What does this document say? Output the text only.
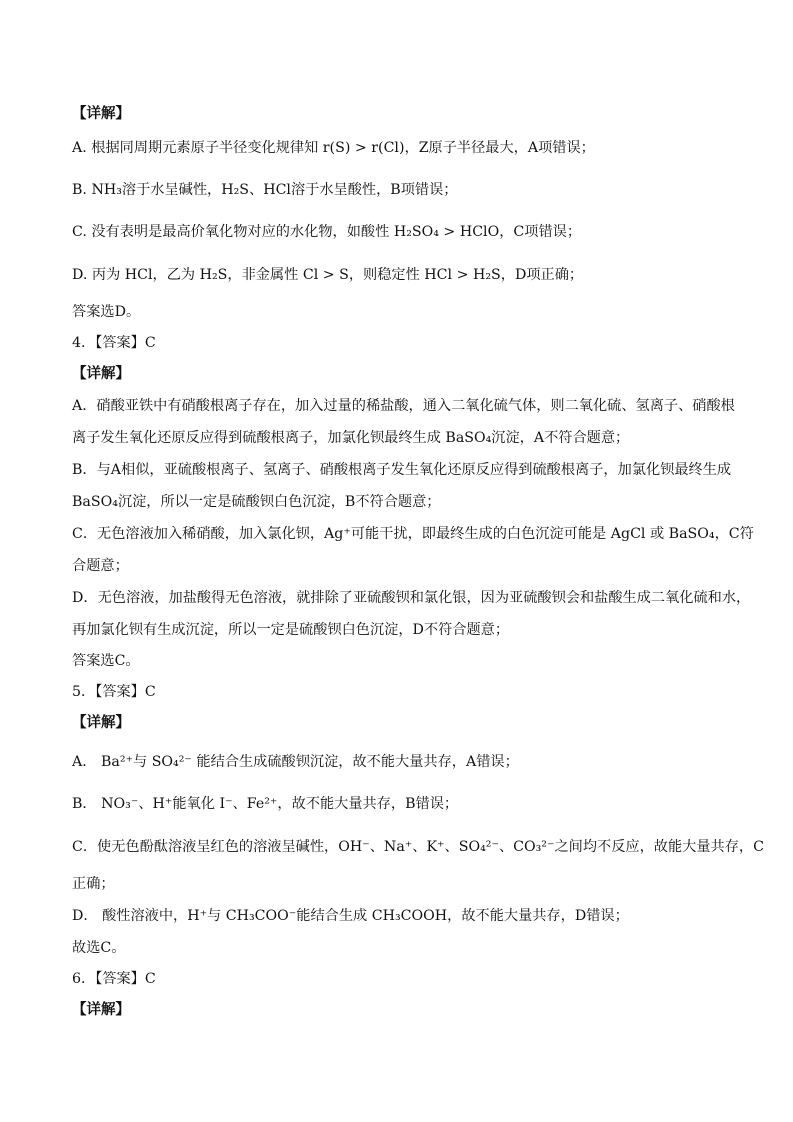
【详解】
A. 根据同周期元素原子半径变化规律知 r(S) > r(Cl)，Z原子半径最大，A项错误；
B. NH₃溶于水呈碱性，H₂S、HCl溶于水呈酸性，B项错误；
C. 没有表明是最高价氧化物对应的水化物，如酸性 H₂SO₄ > HClO，C项错误；
D. 丙为 HCl，乙为 H₂S，非金属性 Cl > S，则稳定性 HCl > H₂S，D项正确；
答案选D。
4．【答案】C
【详解】
A．硝酸亚铁中有硝酸根离子存在，加入过量的稀盐酸，通入二氧化硫气体，则二氧化硫、氢离子、硝酸根
离子发生氧化还原反应得到硫酸根离子，加氯化钡最终生成 BaSO₄沉淀，A不符合题意；
B．与A相似，亚硫酸根离子、氢离子、硝酸根离子发生氧化还原反应得到硫酸根离子，加氯化钡最终生成
BaSO₄沉淀，所以一定是硫酸钡白色沉淀，B不符合题意；
C．无色溶液加入稀硝酸，加入氯化钡，Ag⁺可能干扰，即最终生成的白色沉淀可能是 AgCl 或 BaSO₄，C符
合题意；
D．无色溶液，加盐酸得无色溶液，就排除了亚硫酸钡和氯化银，因为亚硫酸钡会和盐酸生成二氧化硫和水，
再加氯化钡有生成沉淀，所以一定是硫酸钡白色沉淀，D不符合题意；
答案选C。
5．【答案】C
【详解】
A． Ba²⁺与 SO₄²⁻ 能结合生成硫酸钡沉淀，故不能大量共存，A错误；
B． NO₃⁻、H⁺能氧化 I⁻、Fe²⁺，故不能大量共存，B错误；
C．使无色酚酞溶液呈红色的溶液呈碱性，OH⁻、Na⁺、K⁺、SO₄²⁻、CO₃²⁻之间均不反应，故能大量共存，C
正确；
D． 酸性溶液中，H⁺与 CH₃COO⁻能结合生成 CH₃COOH，故不能大量共存，D错误；
故选C。
6．【答案】C
【详解】
